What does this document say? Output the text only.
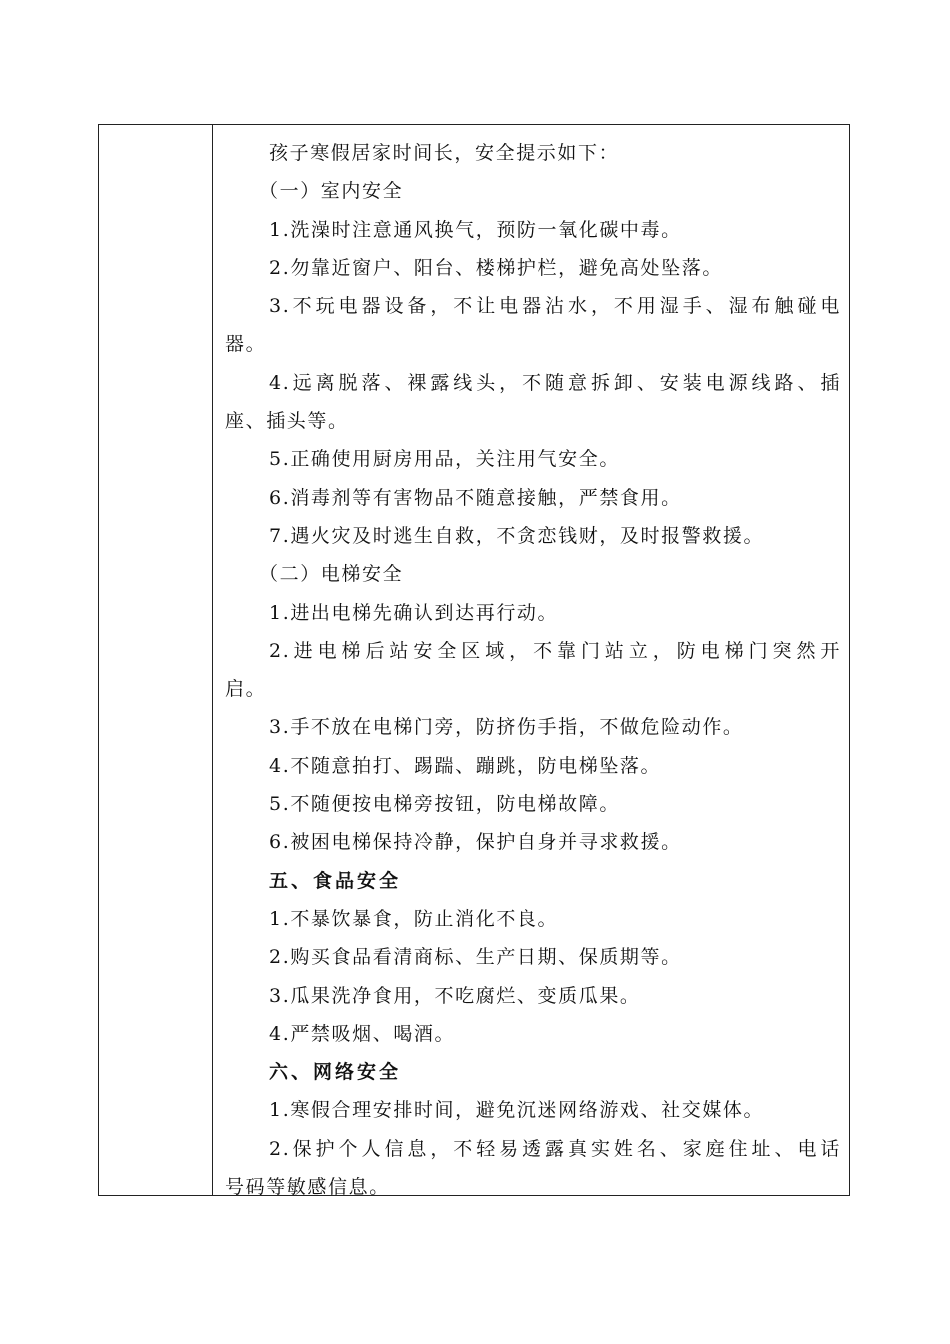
孩子寒假居家时间长，安全提示如下：
（一）室内安全
1.洗澡时注意通风换气，预防一氧化碳中毒。
2.勿靠近窗户、阳台、楼梯护栏，避免高处坠落。
3.不玩电器设备，不让电器沾水，不用湿手、湿布触碰电
器。
4.远离脱落、裸露线头，不随意拆卸、安装电源线路、插
座、插头等。
5.正确使用厨房用品，关注用气安全。
6.消毒剂等有害物品不随意接触，严禁食用。
7.遇火灾及时逃生自救，不贪恋钱财，及时报警救援。
（二）电梯安全
1.进出电梯先确认到达再行动。
2.进电梯后站安全区域，不靠门站立，防电梯门突然开
启。
3.手不放在电梯门旁，防挤伤手指，不做危险动作。
4.不随意拍打、踢踹、蹦跳，防电梯坠落。
5.不随便按电梯旁按钮，防电梯故障。
6.被困电梯保持冷静，保护自身并寻求救援。
五、食品安全
1.不暴饮暴食，防止消化不良。
2.购买食品看清商标、生产日期、保质期等。
3.瓜果洗净食用，不吃腐烂、变质瓜果。
4.严禁吸烟、喝酒。
六、网络安全
1.寒假合理安排时间，避免沉迷网络游戏、社交媒体。
2.保护个人信息，不轻易透露真实姓名、家庭住址、电话
号码等敏感信息。
